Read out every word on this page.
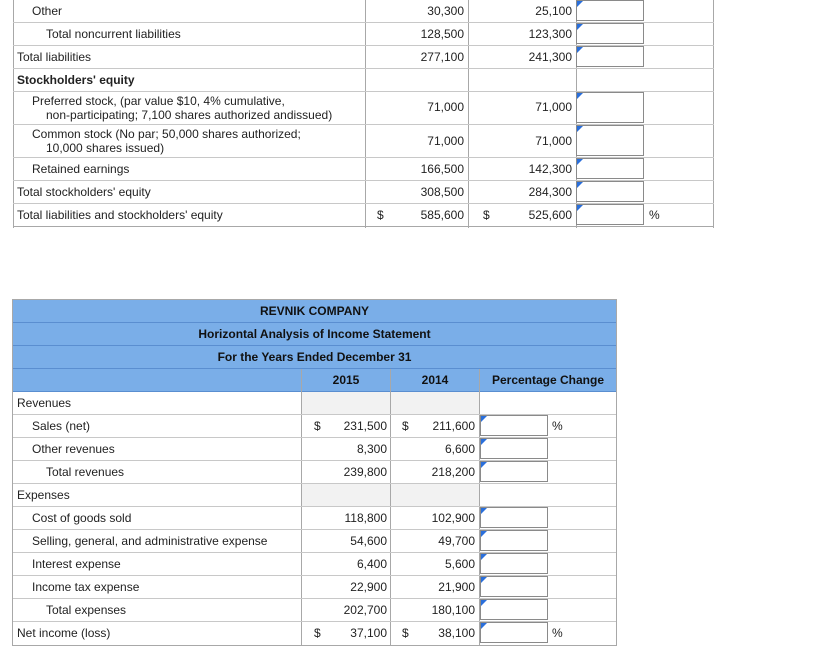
Other	30,300	25,100
Total noncurrent liabilities	128,500	123,300
Total liabilities	277,100	241,300
Stockholders' equity
Preferred stock, (par value $10, 4% cumulative,
non-participating; 7,100 shares authorized andissued)
71,000	71,000
Common stock (No par; 50,000 shares authorized;
10,000 shares issued)	71,000	71,000
Retained earnings	166,500	142,300
Total stockholders' equity	308,500	284,300
Total liabilities and stockholders' equity	$	585,600 $	525,600	%
REVNIK COMPANY
Horizontal Analysis of Income Statement
For the Years Ended December 31
2015	2014	Percentage Change
Revenues
Sales (net)	$	231,500 $	211,600	%
Other revenues	8,300	6,600
Total revenues	239,800	218,200
Expenses
Cost of goods sold	118,800	102,900
Selling, general, and administrative expense	54,600	49,700
Interest expense	6,400	5,600
Income tax expense	22,900	21,900
Total expenses	202,700	180,100
Net income (loss)	$	37,100 $	38,100	%
